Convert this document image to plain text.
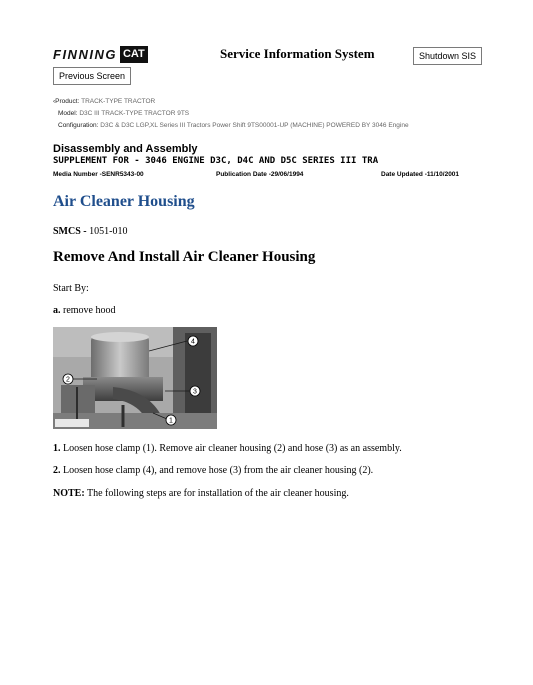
FINNING CAT	Service Information System	Shutdown SIS
Previous Screen
‹Product: TRACK-TYPE TRACTOR
Model: D3C III TRACK-TYPE TRACTOR 9TS
Configuration: D3C & D3C LGP,XL Series III Tractors Power Shift 9TS00001-UP (MACHINE) POWERED BY 3046 Engine
Disassembly and Assembly
SUPPLEMENT FOR - 3046 ENGINE D3C, D4C AND D5C SERIES III TRA
Media Number -SENR5343-00	Publication Date -29/06/1994	Date Updated -11/10/2001
Air Cleaner Housing
SMCS - 1051-010
Remove And Install Air Cleaner Housing
Start By:
a. remove hood
4
2
3
1
1. Loosen hose clamp (1). Remove air cleaner housing (2) and hose (3) as an assembly.
2. Loosen hose clamp (4), and remove hose (3) from the air cleaner housing (2).
NOTE: The following steps are for installation of the air cleaner housing.
